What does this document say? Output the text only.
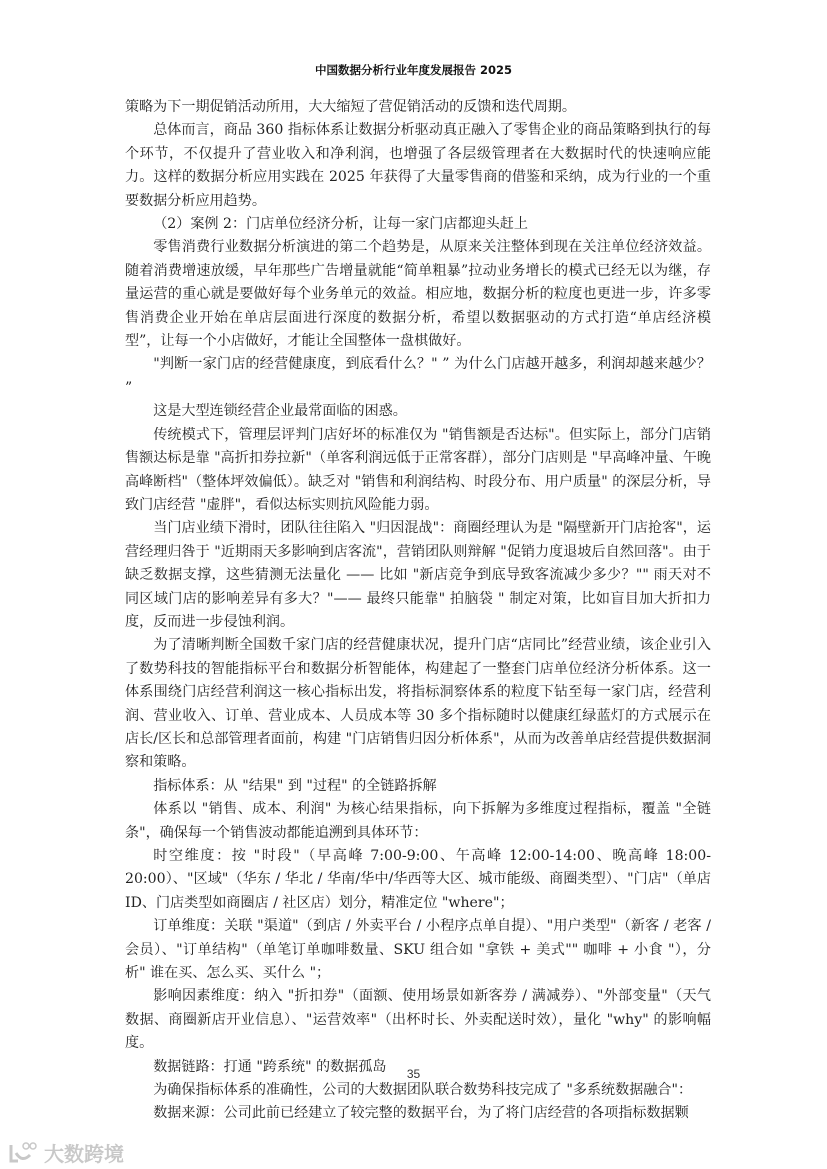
中国数据分析行业年度发展报告 2025

策略为下一期促销活动所用，大大缩短了营促销活动的反馈和迭代周期。

总体而言，商品 360 指标体系让数据分析驱动真正融入了零售企业的商品策略到执行的每个环节，不仅提升了营业收入和净利润，也增强了各层级管理者在大数据时代的快速响应能力。这样的数据分析应用实践在 2025 年获得了大量零售商的借鉴和采纳，成为行业的一个重要数据分析应用趋势。

（2）案例 2：门店单位经济分析，让每一家门店都迎头赶上

零售消费行业数据分析演进的第二个趋势是，从原来关注整体到现在关注单位经济效益。随着消费增速放缓，早年那些广告增量就能“简单粗暴”拉动业务增长的模式已经无以为继，存量运营的重心就是要做好每个业务单元的效益。相应地，数据分析的粒度也更进一步，许多零售消费企业开始在单店层面进行深度的数据分析，希望以数据驱动的方式打造“单店经济模型”，让每一个小店做好，才能让全国整体一盘棋做好。

"判断一家门店的经营健康度，到底看什么？" ” 为什么门店越开越多，利润却越来越少？ ”

这是大型连锁经营企业最常面临的困惑。

传统模式下，管理层评判门店好坏的标准仅为 "销售额是否达标"。但实际上，部分门店销售额达标是靠 "高折扣券拉新"（单客利润远低于正常客群），部分门店则是 "早高峰冲量、午晚高峰断档"（整体坪效偏低）。缺乏对 "销售和利润结构、时段分布、用户质量" 的深层分析，导致门店经营 "虚胖"，看似达标实则抗风险能力弱。

当门店业绩下滑时，团队往往陷入 "归因混战"：商圈经理认为是 "隔壁新开门店抢客"，运营经理归咎于 "近期雨天多影响到店客流"，营销团队则辩解 "促销力度退坡后自然回落"。由于缺乏数据支撑，这些猜测无法量化 —— 比如 "新店竞争到底导致客流减少多少？"" 雨天对不同区域门店的影响差异有多大？"—— 最终只能靠" 拍脑袋 " 制定对策，比如盲目加大折扣力度，反而进一步侵蚀利润。

为了清晰判断全国数千家门店的经营健康状况，提升门店“店同比”经营业绩，该企业引入了数势科技的智能指标平台和数据分析智能体，构建起了一整套门店单位经济分析体系。这一体系围绕门店经营利润这一核心指标出发，将指标洞察体系的粒度下钻至每一家门店，经营利润、营业收入、订单、营业成本、人员成本等 30 多个指标随时以健康红绿蓝灯的方式展示在店长/区长和总部管理者面前，构建 "门店销售归因分析体系"，从而为改善单店经营提供数据洞察和策略。

指标体系：从 "结果" 到 "过程" 的全链路拆解

体系以 "销售、成本、利润" 为核心结果指标，向下拆解为多维度过程指标，覆盖 "全链条"，确保每一个销售波动都能追溯到具体环节：

时空维度：按 "时段"（早高峰 7:00-9:00、午高峰 12:00-14:00、晚高峰 18:00-20:00）、"区域"（华东 / 华北 / 华南/华中/华西等大区、城市能级、商圈类型）、"门店"（单店 ID、门店类型如商圈店 / 社区店）划分，精准定位 "where"；

订单维度：关联 "渠道"（到店 / 外卖平台 / 小程序点单自提）、"用户类型"（新客 / 老客 / 会员）、"订单结构"（单笔订单咖啡数量、SKU 组合如 "拿铁 + 美式"" 咖啡 + 小食 "），分析" 谁在买、怎么买、买什么 "；

影响因素维度：纳入 "折扣券"（面额、使用场景如新客券 / 满减券）、"外部变量"（天气数据、商圈新店开业信息）、"运营效率"（出杯时长、外卖配送时效），量化 "why" 的影响幅度。

数据链路：打通 "跨系统" 的数据孤岛

为确保指标体系的准确性，公司的大数据团队联合数势科技完成了 "多系统数据融合"：

数据来源：公司此前已经建立了较完整的数据平台，为了将门店经营的各项指标数据颗

35
大数跨境
